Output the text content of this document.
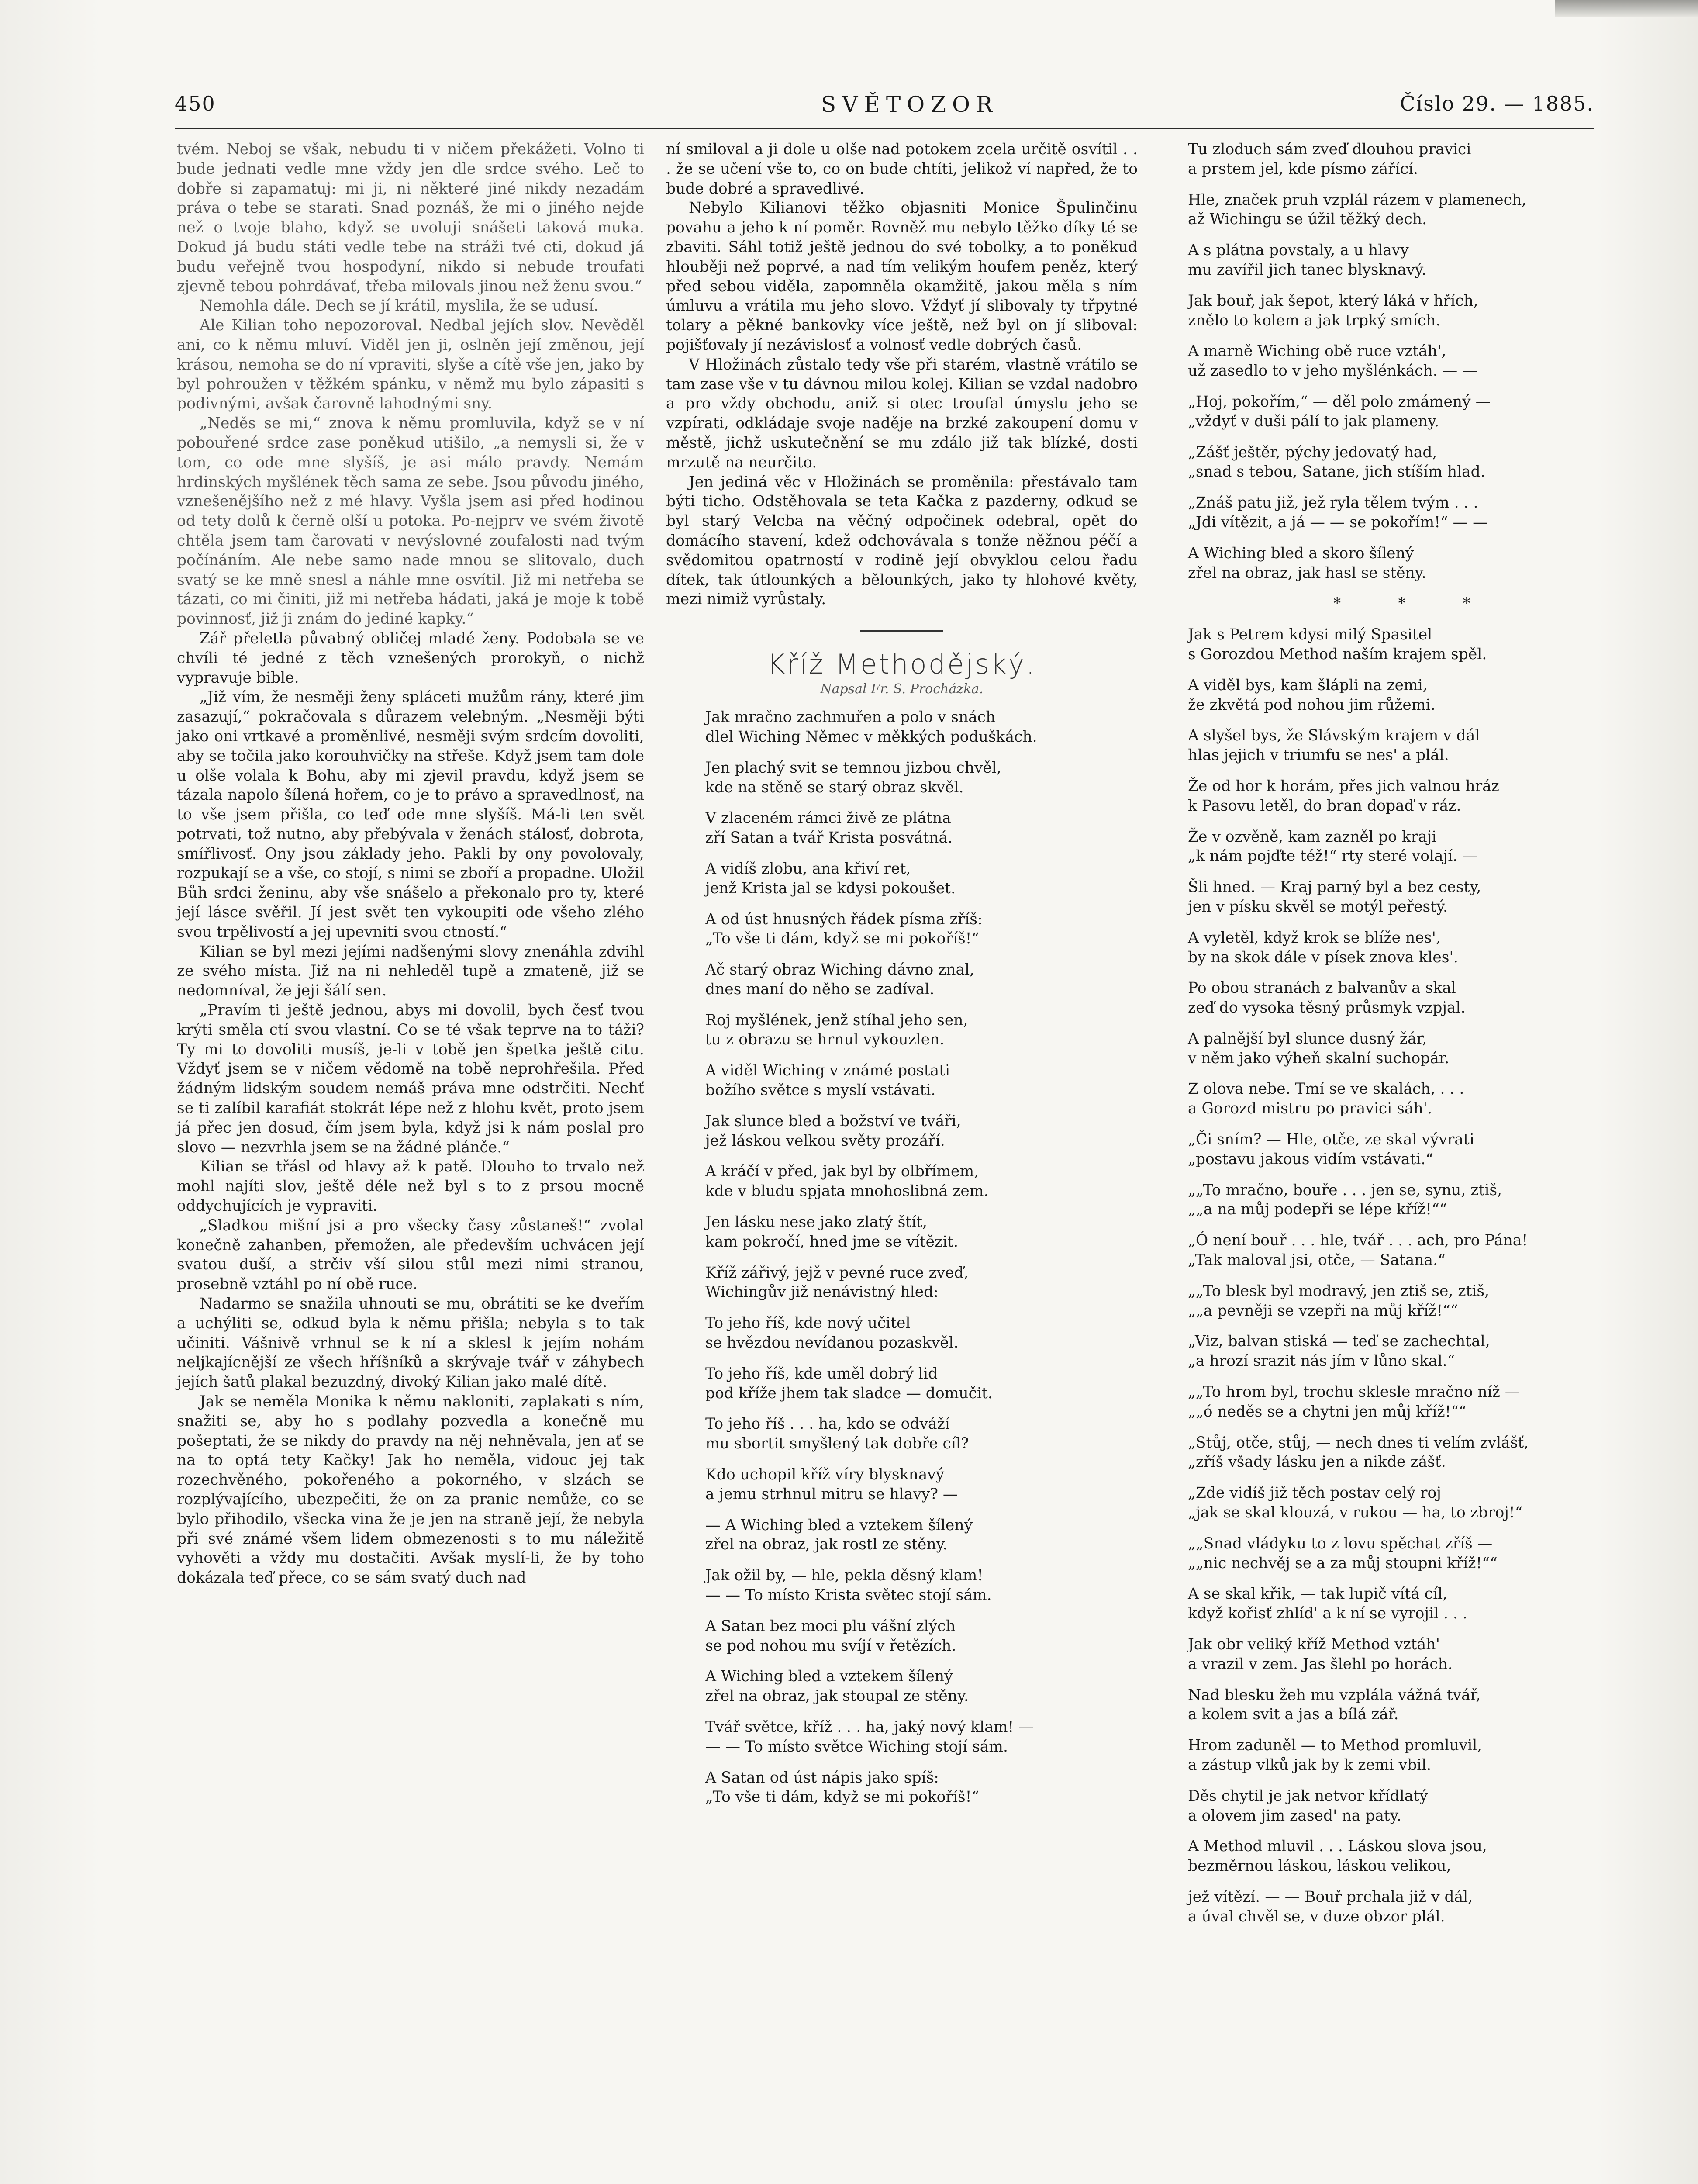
450	SVĚTOZOR	Číslo 29. — 1885.

tvém. Neboj se však, nebudu ti v ničem překážeti. Volno ti bude jednati vedle mne vždy jen dle srdce svého. Leč to dobře si zapamatuj: mi ji, ni některé jiné nikdy nezadám práva o tebe se starati. Snad poznáš, že mi o jiného nejde než o tvoje blaho, když se uvoluji snášeti taková muka. Dokud já budu státi vedle tebe na stráži tvé cti, dokud já budu veřejně tvou hospodyní, nikdo si nebude troufati zjevně tebou pohrdávať, třeba milovals jinou než ženu svou.“

Nemohla dále. Dech se jí krátil, myslila, že se udusí.

Ale Kilian toho nepozoroval. Nedbal jejích slov. Nevěděl ani, co k němu mluví. Viděl jen ji, oslněn její změnou, její krásou, nemoha se do ní vpraviti, slyše a cítě vše jen, jako by byl pohroužen v těžkém spánku, v němž mu bylo zápasiti s podivnými, avšak čarovně lahodnými sny.

„Neděs se mi,“ znova k němu promluvila, když se v ní pobouřené srdce zase poněkud utišilo, „a nemysli si, že v tom, co ode mne slyšíš, je asi málo pravdy. Nemám hrdinských myšlének těch sama ze sebe. Jsou původu jiného, vznešenějšího než z mé hlavy. Vyšla jsem asi před hodinou od tety dolů k černě olší u potoka. Po-nejprv ve svém životě chtěla jsem tam čarovati v nevýslovné zoufalosti nad tvým počínáním. Ale nebe samo nade mnou se slitovalo, duch svatý se ke mně snesl a náhle mne osvítil. Již mi netřeba se tázati, co mi činiti, již mi netřeba hádati, jaká je moje k tobě povinnosť, již ji znám do jediné kapky.“

Zář přeletla půvabný obličej mladé ženy. Podobala se ve chvíli té jedné z těch vznešených prorokyň, o nichž vypravuje bible.

„Již vím, že nesměji ženy spláceti mužům rány, které jim zasazují,“ pokračovala s důrazem velebným. „Nesměji býti jako oni vrtkavé a proměnlivé, nesměji svým srdcím dovoliti, aby se točila jako korouhvičky na střeše. Když jsem tam dole u olše volala k Bohu, aby mi zjevil pravdu, když jsem se tázala napolo šílená hořem, co je to právo a spravedlnosť, na to vše jsem přišla, co teď ode mne slyšíš. Má-li ten svět potrvati, tož nutno, aby přebývala v ženách stálosť, dobrota, smířlivosť. Ony jsou základy jeho. Pakli by ony povolovaly, rozpukají se a vše, co stojí, s nimi se zboří a propadne. Uložil Bůh srdci ženinu, aby vše snášelo a překonalo pro ty, které její lásce svěřil. Jí jest svět ten vykoupiti ode všeho zlého svou trpělivostí a jej upevniti svou ctností.“

Kilian se byl mezi jejími nadšenými slovy znenáhla zdvihl ze svého místa. Již na ni nehleděl tupě a zmateně, již se nedomníval, že jeji šálí sen.

„Pravím ti ještě jednou, abys mi dovolil, bych česť tvou krýti směla ctí svou vlastní. Co se té však teprve na to táži? Ty mi to dovoliti musíš, je-li v tobě jen špetka ještě citu. Vždyť jsem se v ničem vědomě na tobě neprohřešila. Před žádným lidským soudem nemáš práva mne odstrčiti. Nechť se ti zalíbil karafiát stokrát lépe než z hlohu květ, proto jsem já přec jen dosud, čím jsem byla, když jsi k nám poslal pro slovo — nezvrhla jsem se na žádné plánče.“

Kilian se třásl od hlavy až k patě. Dlouho to trvalo než mohl najíti slov, ještě déle než byl s to z prsou mocně oddychujících je vypraviti.

„Sladkou mišní jsi a pro všecky časy zůstaneš!“ zvolal konečně zahanben, přemožen, ale především uchvácen její svatou duší, a strčiv vší silou stůl mezi nimi stranou, prosebně vztáhl po ní obě ruce.

Nadarmo se snažila uhnouti se mu, obrátiti se ke dveřím a uchýliti se, odkud byla k němu přišla; nebyla s to tak učiniti. Vášnivě vrhnul se k ní a sklesl k jejím nohám neljkajícnější ze všech hříšníků a skrývaje tvář v záhybech jejích šatů plakal bezuzdný, divoký Kilian jako malé dítě.

Jak se neměla Monika k němu nakloniti, zaplakati s ním, snažiti se, aby ho s podlahy pozvedla a konečně mu pošeptati, že se nikdy do pravdy na něj nehněvala, jen ať se na to optá tety Kačky! Jak ho neměla, vidouc jej tak rozechvěného, pokořeného a pokorného, v slzách se rozplývajícího, ubezpečiti, že on za pranic nemůže, co se bylo přihodilo, všecka vina že je jen na straně její, že nebyla při své známé všem lidem obmezenosti s to mu náležitě vyhověti a vždy mu dostačiti. Avšak myslí-li, že by toho dokázala teď přece, co se sám svatý duch nad

ní smiloval a ji dole u olše nad potokem zcela určitě osvítil . . . že se učení vše to, co on bude chtíti, jelikož ví napřed, že to bude dobré a spravedlivé.

Nebylo Kilianovi těžko objasniti Monice Špulinčinu povahu a jeho k ní poměr. Rovněž mu nebylo těžko díky té se zbaviti. Sáhl totiž ještě jednou do své tobolky, a to poněkud hlouběji než poprvé, a nad tím velikým houfem peněz, který před sebou viděla, zapomněla okamžitě, jakou měla s ním úmluvu a vrátila mu jeho slovo. Vždyť jí slibovaly ty třpytné tolary a pěkné bankovky více ještě, než byl on jí sliboval: pojišťovaly jí nezávislosť a volnosť vedle dobrých časů.

V Hložinách zůstalo tedy vše při starém, vlastně vrátilo se tam zase vše v tu dávnou milou kolej. Kilian se vzdal nadobro a pro vždy obchodu, aniž si otec troufal úmyslu jeho se vzpírati, odkládaje svoje naděje na brzké zakoupení domu v městě, jichž uskutečnění se mu zdálo již tak blízké, dosti mrzutě na neurčito.

Jen jediná věc v Hložinách se proměnila: přestávalo tam býti ticho. Odstěhovala se teta Kačka z pazderny, odkud se byl starý Velcba na věčný odpočinek odebral, opět do domácího stavení, kdež odchovávala s tonže něžnou péčí a svědomitou opatrností v rodině její obvyklou celou řadu dítek, tak útlounkých a bělounkých, jako ty hlohové květy, mezi nimiž vyrůstaly.

Kříž Methodějský.
Napsal Fr. S. Procházka.
Jak mračno zachmuřen a polo v snách
dlel Wiching Němec v měkkých poduškách.
Jen plachý svit se temnou jizbou chvěl,
kde na stěně se starý obraz skvěl.
V zlaceném rámci živě ze plátna
zří Satan a tvář Krista posvátná.
A vidíš zlobu, ana křiví ret,
jenž Krista jal se kdysi pokoušet.
A od úst hnusných řádek písma zříš:
„To vše ti dám, když se mi pokoříš!“
Ač starý obraz Wiching dávno znal,
dnes maní do něho se zadíval.
Roj myšlének, jenž stíhal jeho sen,
tu z obrazu se hrnul vykouzlen.
A viděl Wiching v známé postati
božího světce s myslí vstávati.
Jak slunce bled a božství ve tváři,
jež láskou velkou světy prozáří.
A kráčí v před, jak byl by olbřímem,
kde v bludu spjata mnohoslibná zem.
Jen lásku nese jako zlatý štít,
kam pokročí, hned jme se vítězit.
Kříž zářivý, jejž v pevné ruce zveď,
Wichingův již nenávistný hled:
To jeho říš, kde nový učitel
se hvězdou nevídanou pozaskvěl.
To jeho říš, kde uměl dobrý lid
pod kříže jhem tak sladce — domučit.
To jeho říš . . . ha, kdo se odváží
mu sbortit smyšlený tak dobře cíl?
Kdo uchopil kříž víry blysknavý
a jemu strhnul mitru se hlavy? —
— A Wiching bled a vztekem šílený
zřel na obraz, jak rostl ze stěny.
Jak ožil by, — hle, pekla děsný klam!
— — To místo Krista světec stojí sám.
A Satan bez moci plu vášní zlých
se pod nohou mu svíjí v řetězích.
A Wiching bled a vztekem šílený
zřel na obraz, jak stoupal ze stěny.
Tvář světce, kříž . . . ha, jaký nový klam! —
— — To místo světce Wiching stojí sám.
A Satan od úst nápis jako spíš:
„To vše ti dám, když se mi pokoříš!“
Tu zloduch sám zveď dlouhou pravici
a prstem jel, kde písmo zářící.
Hle, značek pruh vzplál rázem v plamenech,
až Wichingu se úžil těžký dech.
A s plátna povstaly, a u hlavy
mu zavířil jich tanec blysknavý.
Jak bouř, jak šepot, který láká v hřích,
znělo to kolem a jak trpký smích.
A marně Wiching obě ruce vztáh',
už zasedlo to v jeho myšlénkách. — —
„Hoj, pokořím,“ — děl polo zmámený —
„vždyť v duši pálí to jak plameny.
„Zášť ještěr, pýchy jedovatý had,
„snad s tebou, Satane, jich stíším hlad.
„Znáš patu již, jež ryla tělem tvým . . .
„Jdi vítězit, a já — — se pokořím!“ — —
A Wiching bled a skoro šílený
zřel na obraz, jak hasl se stěny.
* * *
Jak s Petrem kdysi milý Spasitel
s Gorozdou Method naším krajem spěl.
A viděl bys, kam šlápli na zemi,
že zkvětá pod nohou jim růžemi.
A slyšel bys, že Slávským krajem v dál
hlas jejich v triumfu se nes' a plál.
Že od hor k horám, přes jich valnou hráz
k Pasovu letěl, do bran dopaď v ráz.
Že v ozvěně, kam zazněl po kraji
„k nám pojďte též!“ rty steré volají. —
Šli hned. — Kraj parný byl a bez cesty,
jen v písku skvěl se motýl peřestý.
A vyletěl, když krok se blíže nes',
by na skok dále v písek znova kles'.
Po obou stranách z balvanův a skal
zeď do vysoka těsný průsmyk vzpjal.
A palnější byl slunce dusný žár,
v něm jako výheň skalní suchopár.
Z olova nebe. Tmí se ve skalách, . . .
a Gorozd mistru po pravici sáh'.
„Či sním? — Hle, otče, ze skal vývrati
„postavu jakous vidím vstávati.“
„„To mračno, bouře . . . jen se, synu, ztiš,
„„a na můj podepři se lépe kříž!““
„Ó není bouř . . . hle, tvář . . . ach, pro Pána!
„Tak maloval jsi, otče, — Satana.“
„„To blesk byl modravý, jen ztiš se, ztiš,
„„a pevněji se vzepři na můj kříž!““
„Viz, balvan stiská — teď se zachechtal,
„a hrozí srazit nás jím v lůno skal.“
„„To hrom byl, trochu sklesle mračno níž —
„„ó neděs se a chytni jen můj kříž!““
„Stůj, otče, stůj, — nech dnes ti velím zvlášť,
„zříš všady lásku jen a nikde zášť.
„Zde vidíš již těch postav celý roj
„jak se skal klouzá, v rukou — ha, to zbroj!“
„„Snad vládyku to z lovu spěchat zříš —
„„nic nechvěj se a za můj stoupni kříž!““
A se skal křik, — tak lupič vítá cíl,
když kořisť zhlíd' a k ní se vyrojil . . .
Jak obr veliký kříž Method vztáh'
a vrazil v zem. Jas šlehl po horách.
Nad blesku žeh mu vzplála vážná tvář,
a kolem svit a jas a bílá zář.
Hrom zaduněl — to Method promluvil,
a zástup vlků jak by k zemi vbil.
Děs chytil je jak netvor křídlatý
a olovem jim zased' na paty.
A Method mluvil . . . Láskou slova jsou,
bezměrnou láskou, láskou velikou,
jež vítězí. — — Bouř prchala již v dál,
a úval chvěl se, v duze obzor plál.
